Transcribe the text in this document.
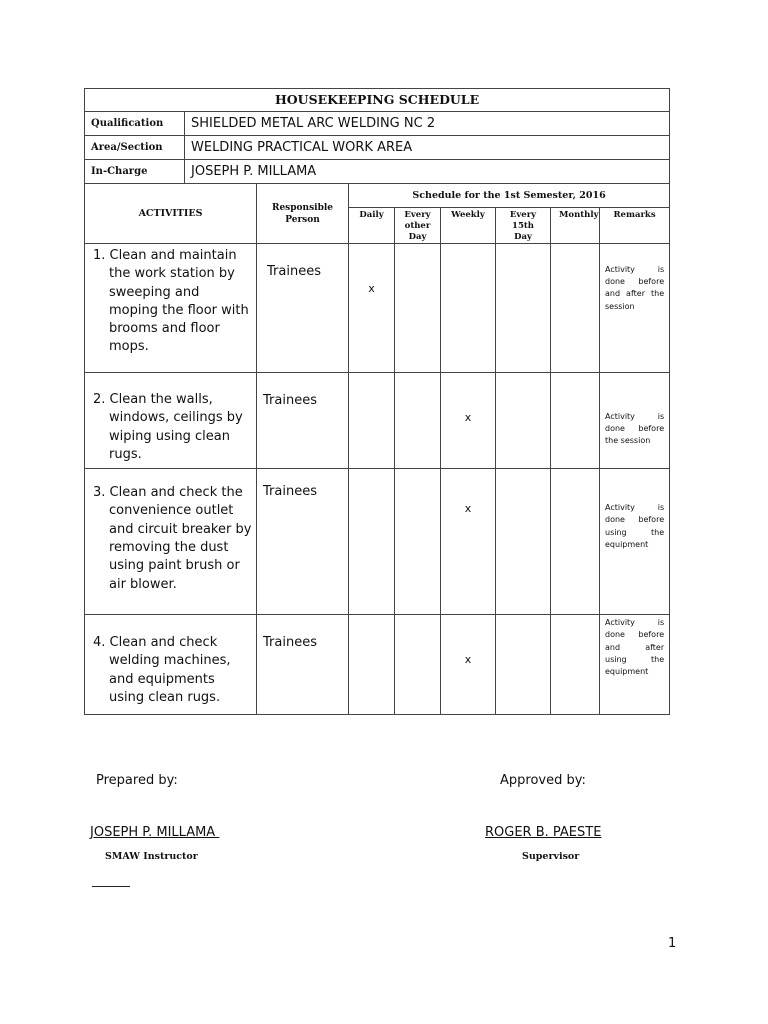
HOUSEKEEPING SCHEDULE								
Qualification	SHIELDED METAL ARC WELDING NC 2							
Area/Section	WELDING PRACTICAL WORK AREA							
In-Charge	JOSEPH P. MILLAMA							
ACTIVITIES		Responsible Person	Schedule for the 1st Semester, 2016					
			Daily	Every other Day	Weekly	Every 15th Day	Monthly	Remarks

1. Clean and maintain the work station by sweeping and moping the floor with brooms and floor mops.		Trainees	x					Activity is done before and after the session

2. Clean the walls, windows, ceilings by wiping using clean rugs.		Trainees			x			Activity is done before the session

3. Clean and check the convenience outlet and circuit breaker by removing the dust using paint brush or air blower.		Trainees			x			Activity is done before using the equipment

4. Clean and check welding machines, and equipments using clean rugs.		Trainees			x			Activity is done before and after using the equipment
Prepared by:	Approved by:
JOSEPH P. MILLAMA	ROGER B. PAESTE
SMAW Instructor	Supervisor
1
